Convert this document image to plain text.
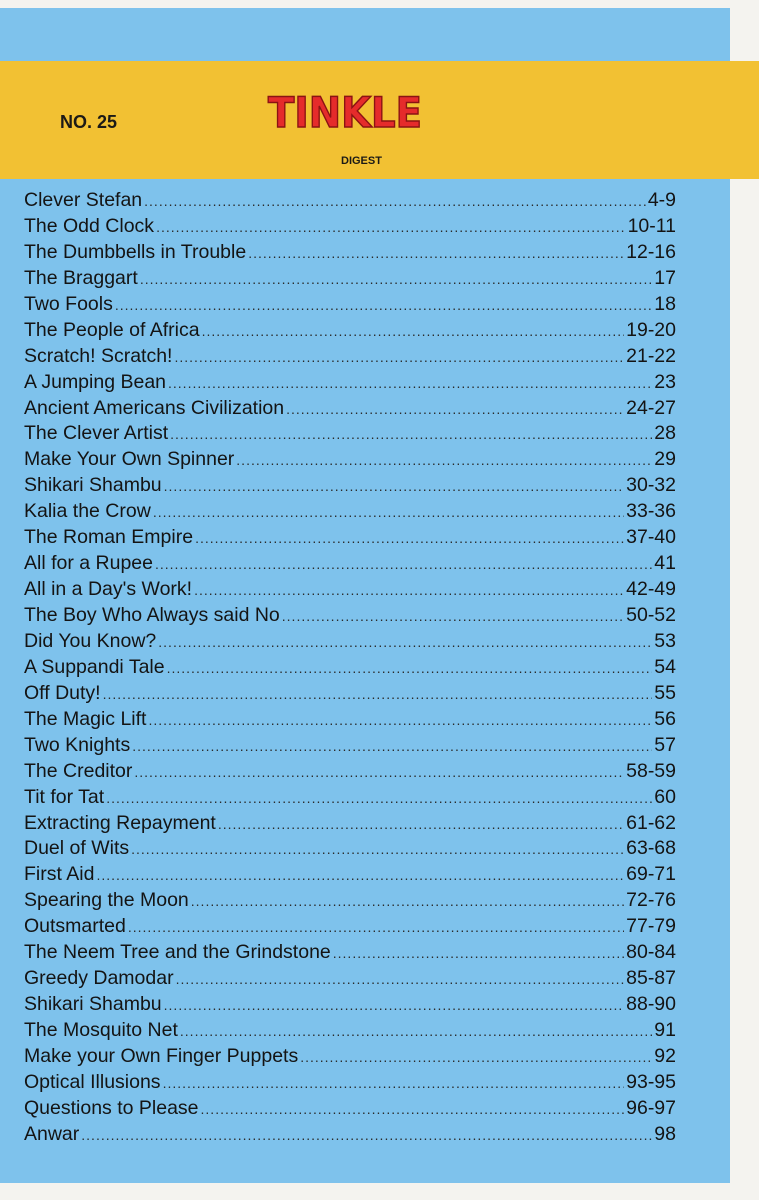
NO. 25	TINKLE
DIGEST
Clever Stefan .....	4-9
The Odd Clock .....	10-11
The Dumbbells in Trouble .....	12-16
The Braggart .....	17
Two Fools .....	18
The People of Africa .....	19-20
Scratch! Scratch! .....	21-22
A Jumping Bean .....	23
Ancient Americans Civilization .....	24-27
The Clever Artist .....	28
Make Your Own Spinner .....	29
Shikari Shambu .....	30-32
Kalia the Crow .....	33-36
The Roman Empire .....	37-40
All for a Rupee .....	41
All in a Day's Work! .....	42-49
The Boy Who Always said No .....	50-52
Did You Know? .....	53
A Suppandi Tale .....	54
Off Duty! .....	55
The Magic Lift .....	56
Two Knights .....	57
The Creditor .....	58-59
Tit for Tat .....	60
Extracting Repayment .....	61-62
Duel of Wits .....	63-68
First Aid .....	69-71
Spearing the Moon .....	72-76
Outsmarted .....	77-79
The Neem Tree and the Grindstone .....	80-84
Greedy Damodar .....	85-87
Shikari Shambu .....	88-90
The Mosquito Net .....	91
Make your Own Finger Puppets .....	92
Optical Illusions .....	93-95
Questions to Please .....	96-97
Anwar .....	98
